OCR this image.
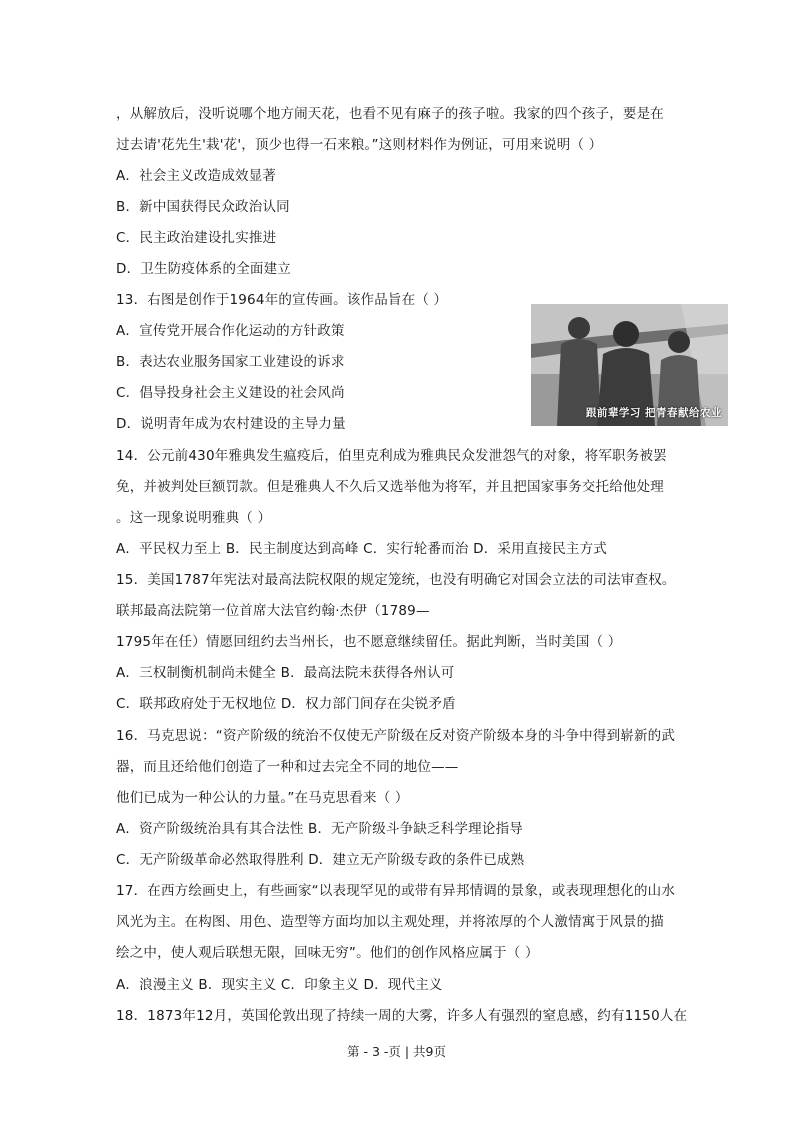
，从解放后，没听说哪个地方闹天花，也看不见有麻子的孩子啦。我家的四个孩子，要是在
过去请'花先生'栽'花'，顶少也得一石来粮。”这则材料作为例证，可用来说明（ ）
A．社会主义改造成效显著
B．新中国获得民众政治认同
C．民主政治建设扎实推进
D．卫生防疫体系的全面建立
13．右图是创作于1964年的宣传画。该作品旨在（ ）
A．宣传党开展合作化运动的方针政策
B．表达农业服务国家工业建设的诉求
C．倡导投身社会主义建设的社会风尚
D．说明青年成为农村建设的主导力量
14．公元前430年雅典发生瘟疫后，伯里克利成为雅典民众发泄怨气的对象，将军职务被罢
免，并被判处巨额罚款。但是雅典人不久后又选举他为将军，并且把国家事务交托给他处理
。这一现象说明雅典（ ）
A．平民权力至上 B．民主制度达到高峰 C．实行轮番而治 D．采用直接民主方式
15．美国1787年宪法对最高法院权限的规定笼统，也没有明确它对国会立法的司法审查权。
联邦最高法院第一位首席大法官约翰·杰伊（1789—
1795年在任）情愿回纽约去当州长，也不愿意继续留任。据此判断，当时美国（ ）
A．三权制衡机制尚未健全 B．最高法院未获得各州认可
C．联邦政府处于无权地位 D．权力部门间存在尖锐矛盾
16．马克思说：“资产阶级的统治不仅使无产阶级在反对资产阶级本身的斗争中得到崭新的武
器，而且还给他们创造了一种和过去完全不同的地位——
他们已成为一种公认的力量。”在马克思看来（ ）
A．资产阶级统治具有其合法性 B．无产阶级斗争缺乏科学理论指导
C．无产阶级革命必然取得胜利 D．建立无产阶级专政的条件已成熟
17．在西方绘画史上，有些画家“以表现罕见的或带有异邦情调的景象，或表现理想化的山水
风光为主。在构图、用色、造型等方面均加以主观处理，并将浓厚的个人激情寓于风景的描
绘之中，使人观后联想无限，回味无穷”。他们的创作风格应属于（ ）
A．浪漫主义 B．现实主义 C．印象主义 D．现代主义
18．1873年12月，英国伦敦出现了持续一周的大雾，许多人有强烈的窒息感，约有1150人在
跟前辈学习 把青春献给农业
第 - 3 -页 | 共9页
